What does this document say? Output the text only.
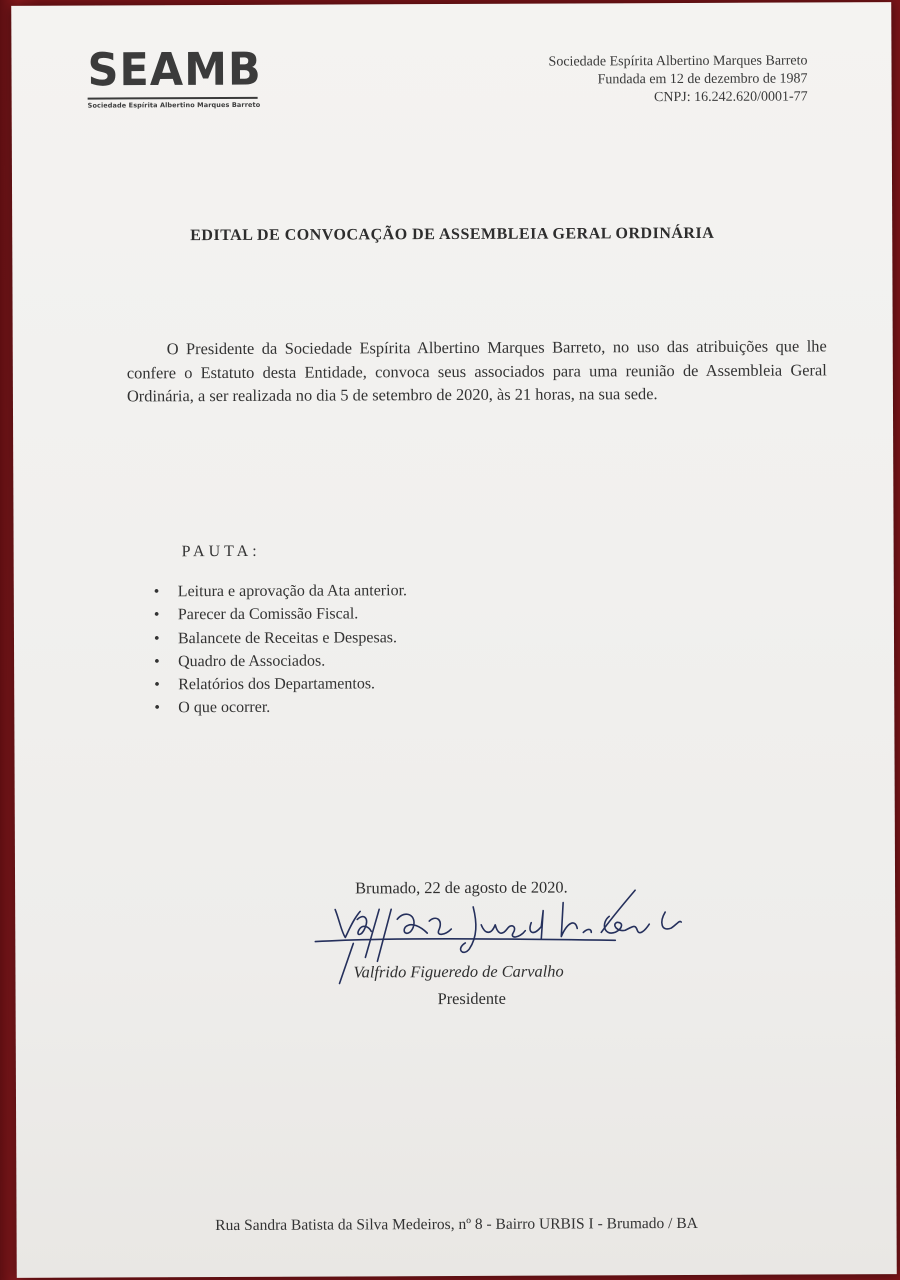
SEAMB
Sociedade Espírita Albertino Marques Barreto
Sociedade Espírita Albertino Marques Barreto
Fundada em 12 de dezembro de 1987
CNPJ: 16.242.620/0001-77
EDITAL DE CONVOCAÇÃO DE ASSEMBLEIA GERAL ORDINÁRIA

O Presidente da Sociedade Espírita Albertino Marques Barreto, no uso das atribuições que lhe confere o Estatuto desta Entidade, convoca seus associados para uma reunião de Assembleia Geral Ordinária, a ser realizada no dia 5 de setembro de 2020, às 21 horas, na sua sede.

PAUTA:
• Leitura e aprovação da Ata anterior.
• Parecer da Comissão Fiscal.
• Balancete de Receitas e Despesas.
• Quadro de Associados.
• Relatórios dos Departamentos.
• O que ocorrer.
Brumado, 22 de agosto de 2020.
Valfrido Figueredo de Carvalho
Presidente
Rua Sandra Batista da Silva Medeiros, nº 8 - Bairro URBIS I - Brumado / BA
